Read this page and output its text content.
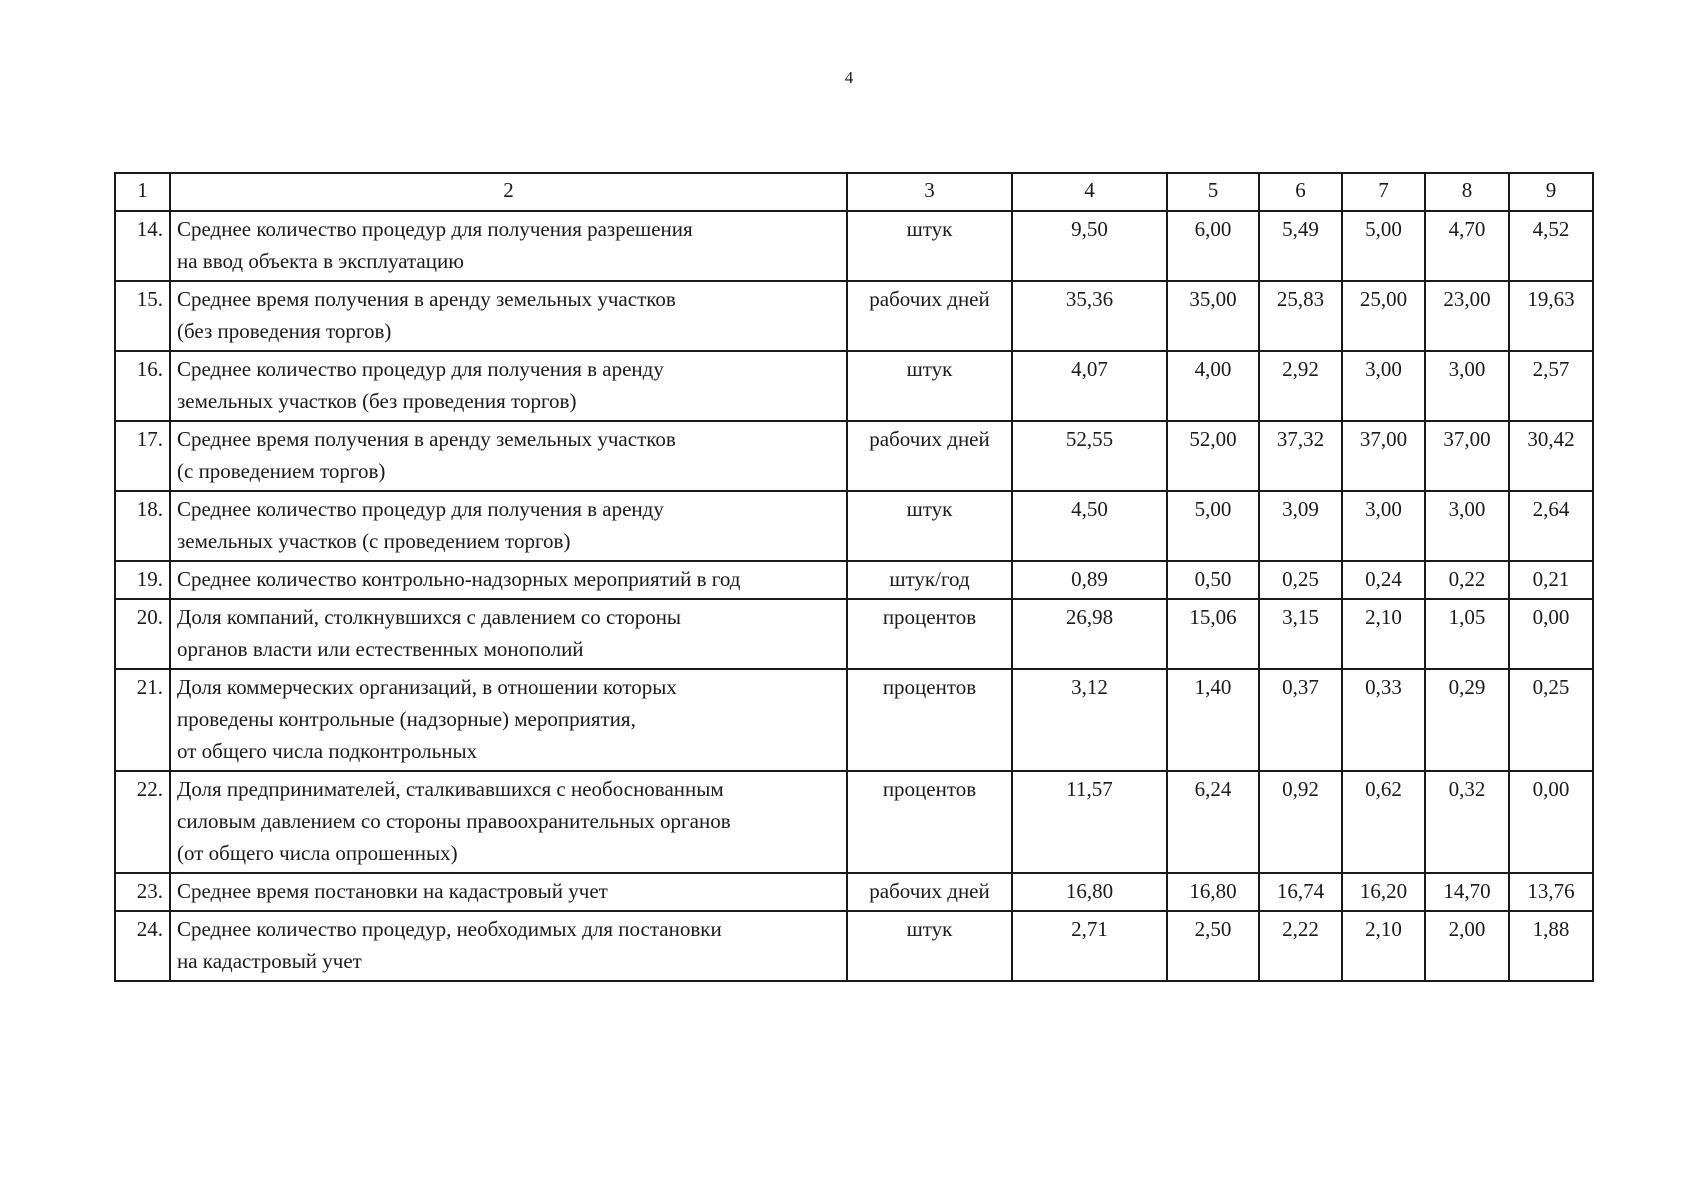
4
1	2	3	4	5	6	7	8	9
14.	Среднее количество процедур для получения разрешения
на ввод объекта в эксплуатацию	штук	9,50	6,00	5,49	5,00	4,70	4,52
15.	Среднее время получения в аренду земельных участков
(без проведения торгов)	рабочих дней	35,36	35,00	25,83	25,00	23,00	19,63
16.	Среднее количество процедур для получения в аренду
земельных участков (без проведения торгов)	штук	4,07	4,00	2,92	3,00	3,00	2,57
17.	Среднее время получения в аренду земельных участков
(с проведением торгов)	рабочих дней	52,55	52,00	37,32	37,00	37,00	30,42
18.	Среднее количество процедур для получения в аренду
земельных участков (с проведением торгов)	штук	4,50	5,00	3,09	3,00	3,00	2,64
19.	Среднее количество контрольно-надзорных мероприятий в год	штук/год	0,89	0,50	0,25	0,24	0,22	0,21
20.	Доля компаний, столкнувшихся с давлением со стороны
органов власти или естественных монополий	процентов	26,98	15,06	3,15	2,10	1,05	0,00
21.	Доля коммерческих организаций, в отношении которых
проведены контрольные (надзорные) мероприятия,
от общего числа подконтрольных	процентов	3,12	1,40	0,37	0,33	0,29	0,25
22.	Доля предпринимателей, сталкивавшихся с необоснованным
силовым давлением со стороны правоохранительных органов
(от общего числа опрошенных)	процентов	11,57	6,24	0,92	0,62	0,32	0,00
23.	Среднее время постановки на кадастровый учет	рабочих дней	16,80	16,80	16,74	16,20	14,70	13,76
24.	Среднее количество процедур, необходимых для постановки
на кадастровый учет	штук	2,71	2,50	2,22	2,10	2,00	1,88
